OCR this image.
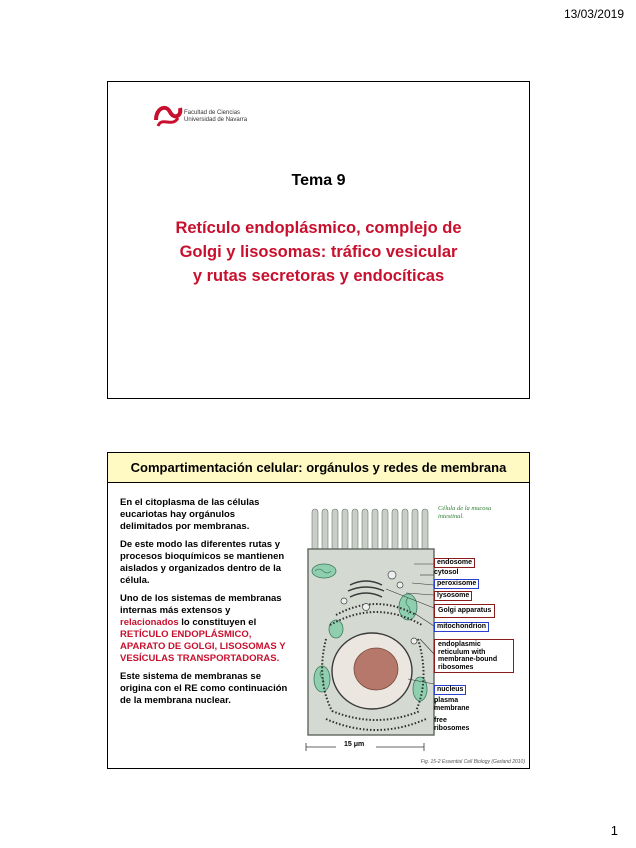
13/03/2019
Facultad de Ciencias
Universidad de Navarra
Tema 9
Retículo endoplásmico, complejo de
Golgi y lisosomas: tráfico vesicular
y rutas secretoras y endocíticas
Compartimentación celular: orgánulos y redes de membrana

En el citoplasma de las células eucariotas hay orgánulos delimitados por membranas.

De este modo las diferentes rutas y procesos bioquímicos se mantienen aislados y organizados dentro de la célula.

Uno de los sistemas de membranas internas más extensos y relacionados lo constituyen el RETÍCULO ENDOPLÁSMICO, APARATO DE GOLGI, LISOSOMAS Y VESÍCULAS TRANSPORTADORAS.

Este sistema de membranas se origina con el RE como continuación de la membrana nuclear.

Célula de la mucosa intestinal.
endosome
cytosol
peroxisome
lysosome
Golgi apparatus
mitochondrion
endoplasmic reticulum with membrane-bound ribosomes
nucleus
plasma membrane
free ribosomes
15 μm
Fig. 15-2 Essential Cell Biology (Garland 2010)
1
